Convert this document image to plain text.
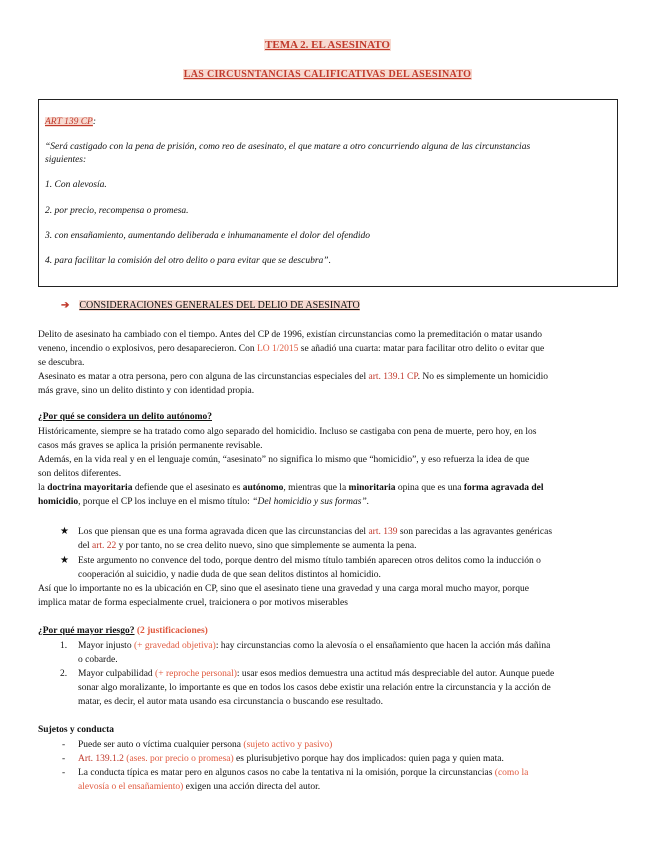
TEMA 2. EL ASESINATO
LAS CIRCUSNTANCIAS CALIFICATIVAS DEL ASESINATO

ART 139 CP:

“Será castigado con la pena de prisión, como reo de asesinato, el que matare a otro concurriendo alguna de las circunstancias

siguientes:

1. Con alevosía.

2. por precio, recompensa o promesa.

3. con ensañamiento, aumentando deliberada e inhumanamente el dolor del ofendido

4. para facilitar la comisión del otro delito o para evitar que se descubra”.

➔ CONSIDERACIONES GENERALES DEL DELIO DE ASESINATO
Delito de asesinato ha cambiado con el tiempo. Antes del CP de 1996, existían circunstancias como la premeditación o matar usando
veneno, incendio o explosivos, pero desaparecieron. Con LO 1/2015 se añadió una cuarta: matar para facilitar otro delito o evitar que
se descubra.
Asesinato es matar a otra persona, pero con alguna de las circunstancias especiales del art. 139.1 CP. No es simplemente un homicidio
más grave, sino un delito distinto y con identidad propia.
¿Por qué se considera un delito autónomo?
Históricamente, siempre se ha tratado como algo separado del homicidio. Incluso se castigaba con pena de muerte, pero hoy, en los
casos más graves se aplica la prisión permanente revisable.
Además, en la vida real y en el lenguaje común, “asesinato” no significa lo mismo que “homicidio”, y eso refuerza la idea de que
son delitos diferentes.
la doctrina mayoritaria defiende que el asesinato es autónomo, mientras que la minoritaria opina que es una forma agravada del
homicidio, porque el CP los incluye en el mismo título: “Del homicidio y sus formas”.
★ Los que piensan que es una forma agravada dicen que las circunstancias del art. 139 son parecidas a las agravantes genéricas
del art. 22 y por tanto, no se crea delito nuevo, sino que simplemente se aumenta la pena.
★ Este argumento no convence del todo, porque dentro del mismo título también aparecen otros delitos como la inducción o
cooperación al suicidio, y nadie duda de que sean delitos distintos al homicidio.
Así que lo importante no es la ubicación en CP, sino que el asesinato tiene una gravedad y una carga moral mucho mayor, porque
implica matar de forma especialmente cruel, traicionera o por motivos miserables
¿Por qué mayor riesgo? (2 justificaciones)
1. Mayor injusto (+ gravedad objetiva): hay circunstancias como la alevosía o el ensañamiento que hacen la acción más dañina
o cobarde.
2. Mayor culpabilidad (+ reproche personal): usar esos medios demuestra una actitud más despreciable del autor. Aunque puede
sonar algo moralizante, lo importante es que en todos los casos debe existir una relación entre la circunstancia y la acción de
matar, es decir, el autor mata usando esa circunstancia o buscando ese resultado.
Sujetos y conducta
- Puede ser auto o víctima cualquier persona (sujeto activo y pasivo)
- Art. 139.1.2 (ases. por precio o promesa) es plurisubjetivo porque hay dos implicados: quien paga y quien mata.
- La conducta típica es matar pero en algunos casos no cabe la tentativa ni la omisión, porque la circunstancias (como la
alevosía o el ensañamiento) exigen una acción directa del autor.
